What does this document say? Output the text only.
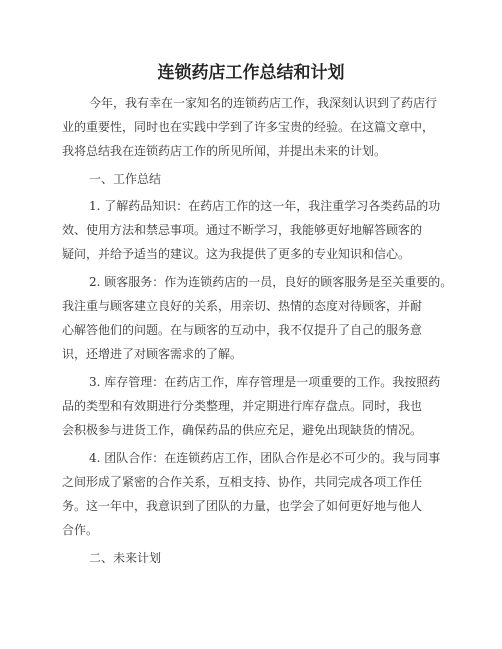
连锁药店工作总结和计划

今年，我有幸在一家知名的连锁药店工作，我深刻认识到了药店行

业的重要性，同时也在实践中学到了许多宝贵的经验。在这篇文章中，

我将总结我在连锁药店工作的所见所闻，并提出未来的计划。

一、工作总结

1. 了解药品知识：在药店工作的这一年，我注重学习各类药品的功

效、使用方法和禁忌事项。通过不断学习，我能够更好地解答顾客的

疑问，并给予适当的建议。这为我提供了更多的专业知识和信心。

2. 顾客服务：作为连锁药店的一员，良好的顾客服务是至关重要的。

我注重与顾客建立良好的关系，用亲切、热情的态度对待顾客，并耐

心解答他们的问题。在与顾客的互动中，我不仅提升了自己的服务意

识，还增进了对顾客需求的了解。

3. 库存管理：在药店工作，库存管理是一项重要的工作。我按照药

品的类型和有效期进行分类整理，并定期进行库存盘点。同时，我也

会积极参与进货工作，确保药品的供应充足，避免出现缺货的情况。

4. 团队合作：在连锁药店工作，团队合作是必不可少的。我与同事

之间形成了紧密的合作关系，互相支持、协作，共同完成各项工作任

务。这一年中，我意识到了团队的力量，也学会了如何更好地与他人

合作。

二、未来计划
